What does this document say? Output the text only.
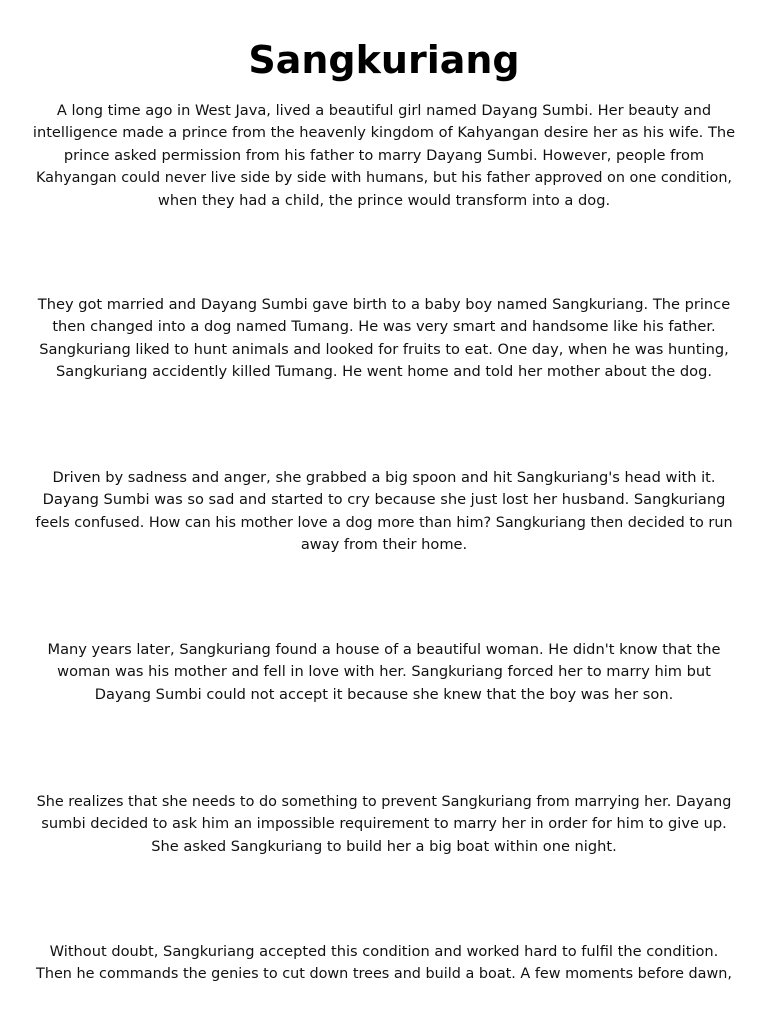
Sangkuriang

A long time ago in West Java, lived a beautiful girl named Dayang Sumbi. Her beauty and
intelligence made a prince from the heavenly kingdom of Kahyangan desire her as his wife. The
prince asked permission from his father to marry Dayang Sumbi. However, people from
Kahyangan could never live side by side with humans, but his father approved on one condition,
when they had a child, the prince would transform into a dog.

They got married and Dayang Sumbi gave birth to a baby boy named Sangkuriang. The prince
then changed into a dog named Tumang. He was very smart and handsome like his father.
Sangkuriang liked to hunt animals and looked for fruits to eat. One day, when he was hunting,
Sangkuriang accidently killed Tumang. He went home and told her mother about the dog.

Driven by sadness and anger, she grabbed a big spoon and hit Sangkuriang's head with it.
Dayang Sumbi was so sad and started to cry because she just lost her husband. Sangkuriang
feels confused. How can his mother love a dog more than him? Sangkuriang then decided to run
away from their home.

Many years later, Sangkuriang found a house of a beautiful woman. He didn't know that the
woman was his mother and fell in love with her. Sangkuriang forced her to marry him but
Dayang Sumbi could not accept it because she knew that the boy was her son.

She realizes that she needs to do something to prevent Sangkuriang from marrying her. Dayang
sumbi decided to ask him an impossible requirement to marry her in order for him to give up.
She asked Sangkuriang to build her a big boat within one night.

Without doubt, Sangkuriang accepted this condition and worked hard to fulfil the condition.
Then he commands the genies to cut down trees and build a boat. A few moments before dawn,
